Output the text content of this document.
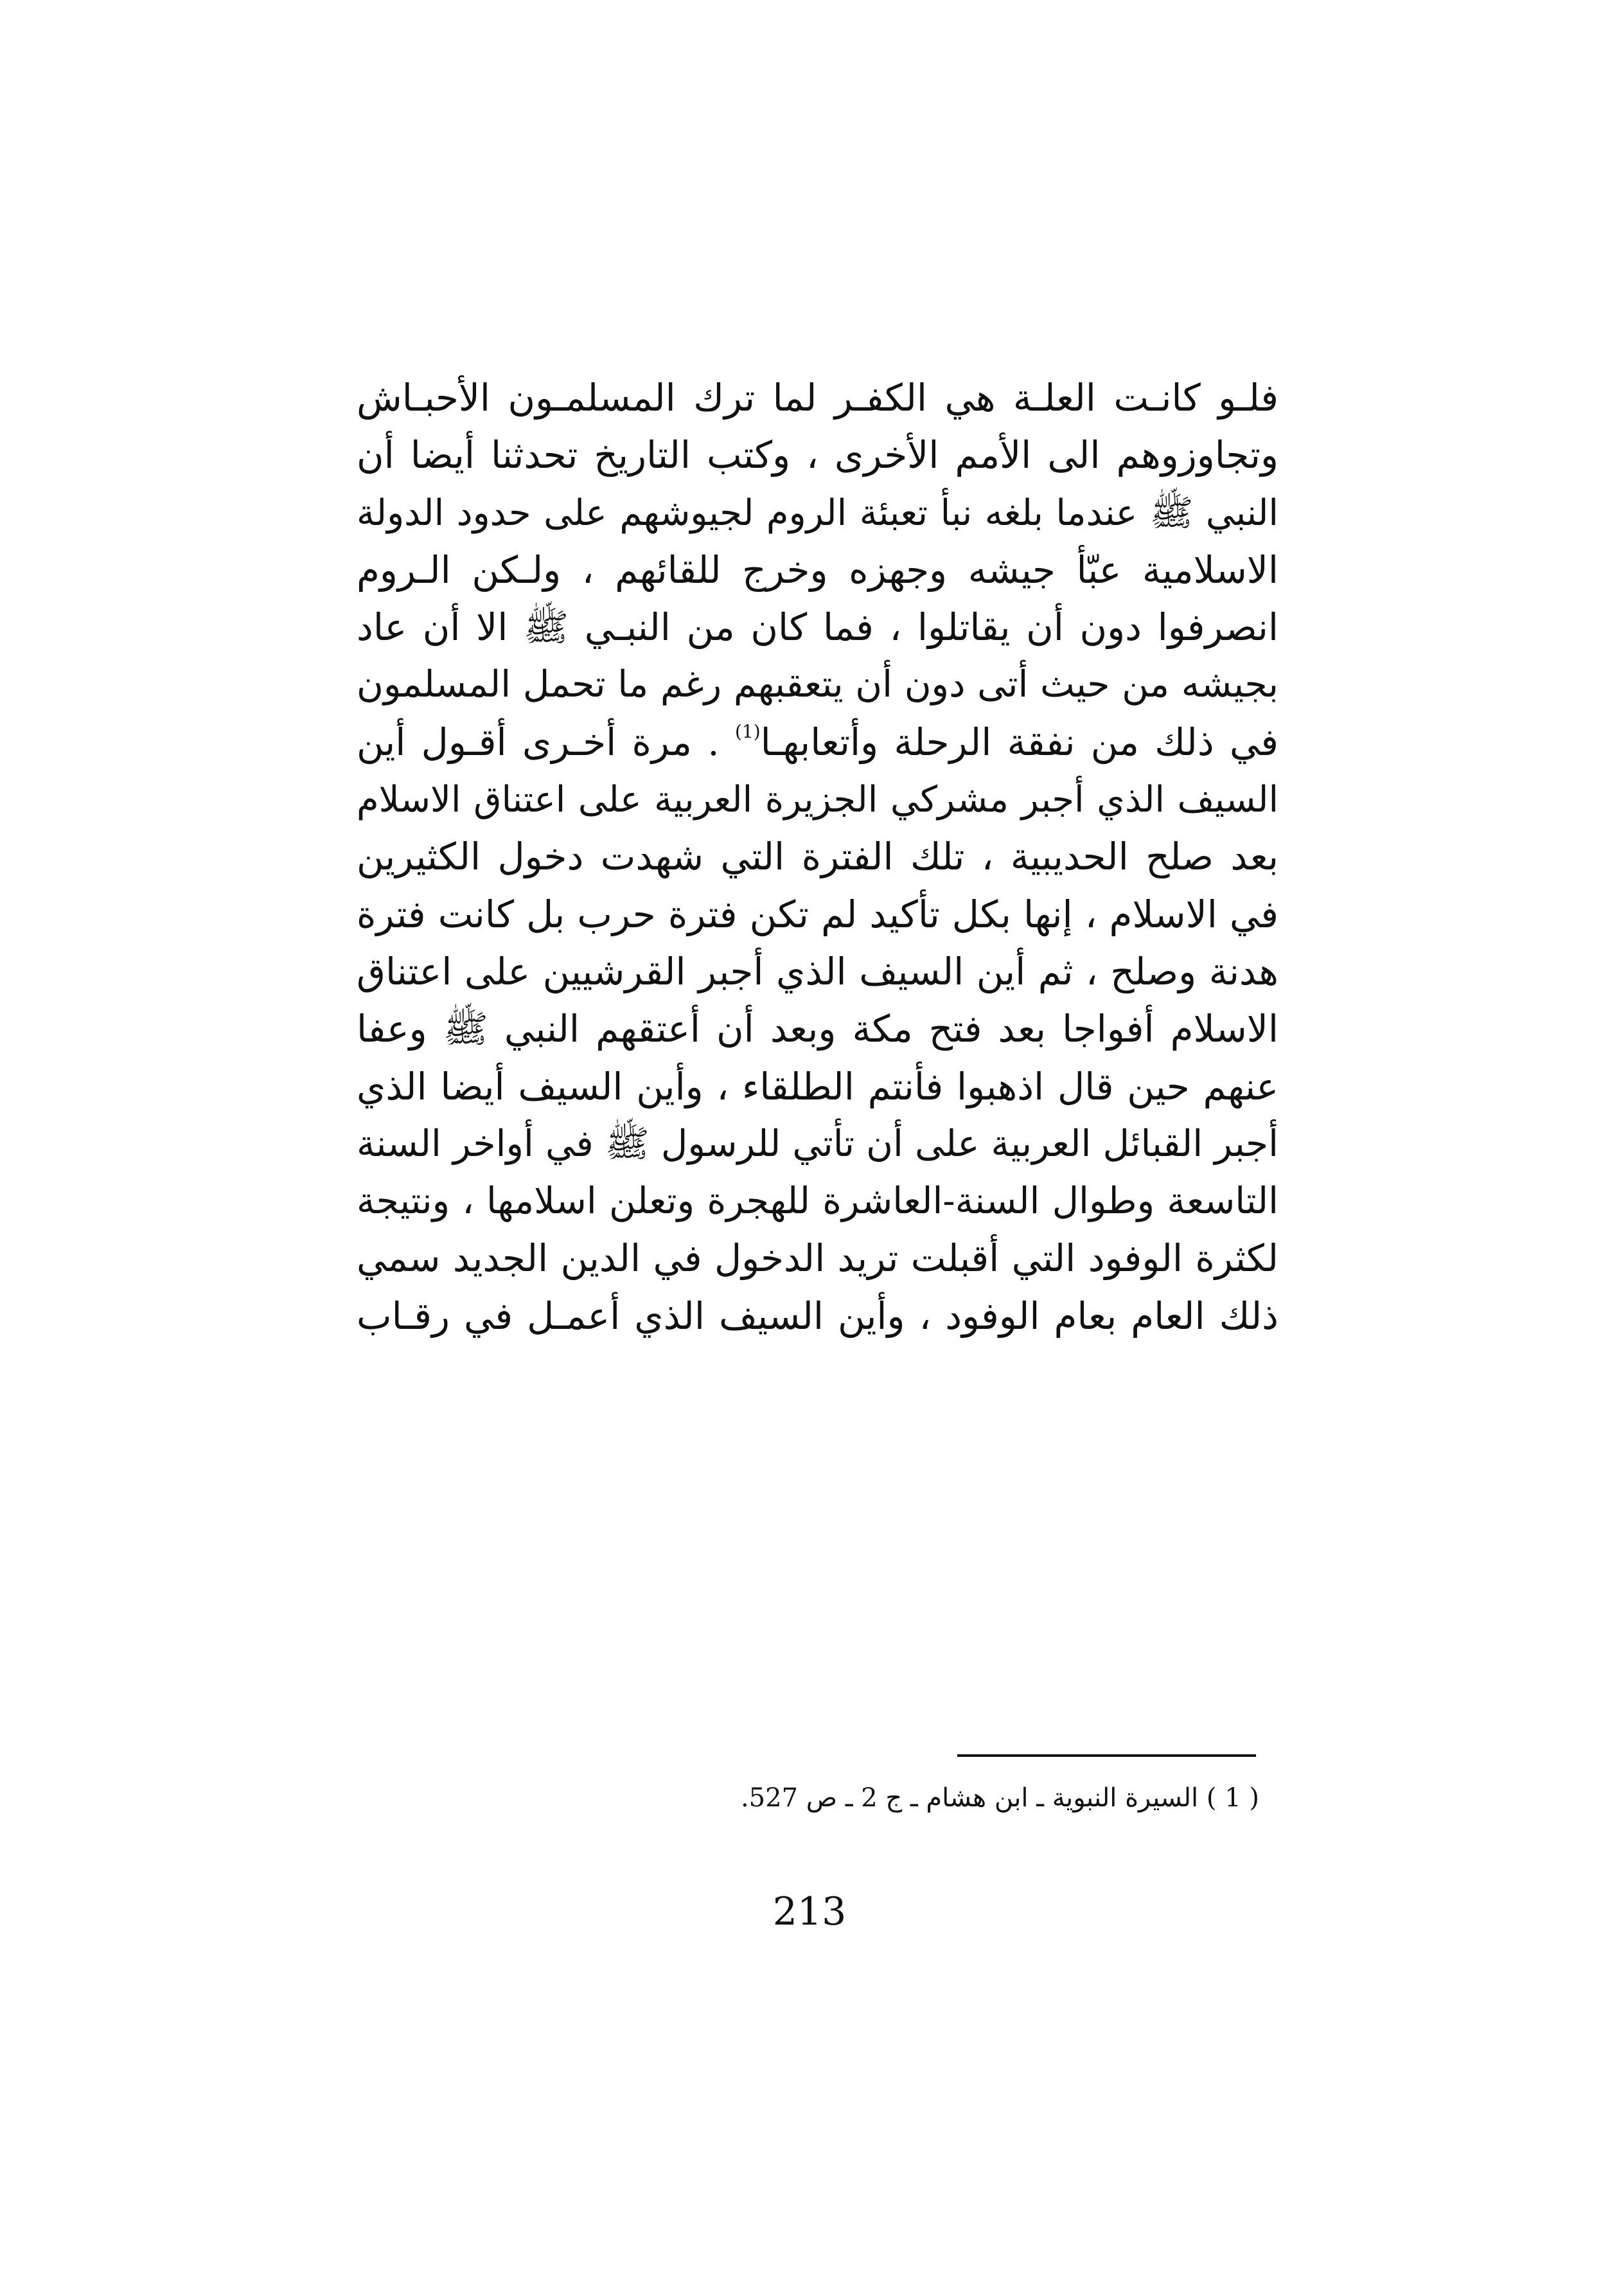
فلـو كانـت العلـة هي الكفـر لما ترك المسلمـون الأحبـاش
وتجاوزوهم الى الأمم الأخرى ، وكتب التاريخ تحدثنا أيضا أن
النبي ﷺ عندما بلغه نبأ تعبئة الروم لجيوشهم على حدود الدولة
الاسلامية عبّأ جيشه وجهزه وخرج للقائهم ، ولـكن الـروم
انصرفوا دون أن يقاتلوا ، فما كان من النبـي ﷺ الا أن عاد
بجيشه من حيث أتى دون أن يتعقبهم رغم ما تحمل المسلمون
في ذلك من نفقة الرحلة وأتعابهـا$^{(1)}$ . مرة أخـرى أقـول أين
السيف الذي أجبر مشركي الجزيرة العربية على اعتناق الاسلام
بعد صلح الحديبية ، تلك الفترة التي شهدت دخول الكثيرين
في الاسلام ، إنها بكل تأكيد لم تكن فترة حرب بل كانت فترة
هدنة وصلح ، ثم أين السيف الذي أجبر القرشيين على اعتناق
الاسلام أفواجا بعد فتح مكة وبعد أن أعتقهم النبي ﷺ وعفا
عنهم حين قال اذهبوا فأنتم الطلقاء ، وأين السيف أيضا الذي
أجبر القبائل العربية على أن تأتي للرسول ﷺ في أواخر السنة
التاسعة وطوال السنة-العاشرة للهجرة وتعلن اسلامها ، ونتيجة
لكثرة الوفود التي أقبلت تريد الدخول في الدين الجديد سمي
ذلك العام بعام الوفود ، وأين السيف الذي أعمـل في رقـاب
( 1 ) السيرة النبوية ـ ابن هشام ـ ج 2 ـ ص 527.
213
